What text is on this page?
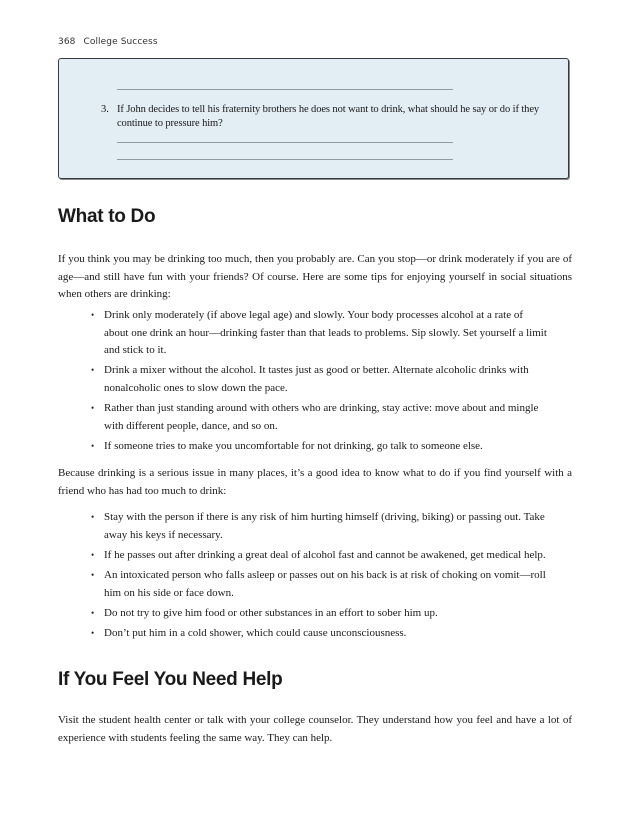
368 College Success
3. If John decides to tell his fraternity brothers he does not want to drink, what should he say or do if they continue to pressure him?
What to Do

If you think you may be drinking too much, then you probably are. Can you stop—or drink moderately if you are of age—and still have fun with your friends? Of course. Here are some tips for enjoying yourself in social situations when others are drinking:

• Drink only moderately (if above legal age) and slowly. Your body processes alcohol at a rate of about one drink an hour—drinking faster than that leads to problems. Sip slowly. Set yourself a limit and stick to it.
• Drink a mixer without the alcohol. It tastes just as good or better. Alternate alcoholic drinks with nonalcoholic ones to slow down the pace.
• Rather than just standing around with others who are drinking, stay active: move about and mingle with different people, dance, and so on.
• If someone tries to make you uncomfortable for not drinking, go talk to someone else.

Because drinking is a serious issue in many places, it’s a good idea to know what to do if you find yourself with a friend who has had too much to drink:

• Stay with the person if there is any risk of him hurting himself (driving, biking) or passing out. Take away his keys if necessary.
• If he passes out after drinking a great deal of alcohol fast and cannot be awakened, get medical help.
• An intoxicated person who falls asleep or passes out on his back is at risk of choking on vomit—roll him on his side or face down.
• Do not try to give him food or other substances in an effort to sober him up.
• Don’t put him in a cold shower, which could cause unconsciousness.
If You Feel You Need Help

Visit the student health center or talk with your college counselor. They understand how you feel and have a lot of experience with students feeling the same way. They can help.
